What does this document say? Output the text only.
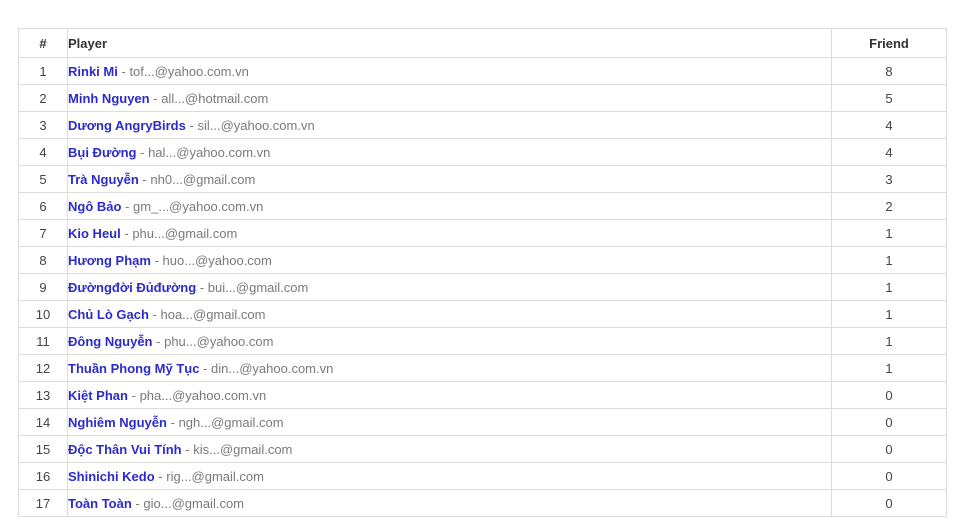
#	Player	Friend
1	Rinki Mi - tof...@yahoo.com.vn	8
2	Minh Nguyen - all...@hotmail.com	5
3	Dương AngryBirds - sil...@yahoo.com.vn	4
4	Bụi Đường - hal...@yahoo.com.vn	4
5	Trà Nguyễn - nh0...@gmail.com	3
6	Ngô Bảo - gm_...@yahoo.com.vn	2
7	Kio Heul - phu...@gmail.com	1
8	Hương Phạm - huo...@yahoo.com	1
9	Đườngđời Đủđường - bui...@gmail.com	1
10	Chủ Lò Gạch - hoa...@gmail.com	1
11	Đông Nguyễn - phu...@yahoo.com	1
12	Thuần Phong Mỹ Tục - din...@yahoo.com.vn	1
13	Kiệt Phan - pha...@yahoo.com.vn	0
14	Nghiêm Nguyễn - ngh...@gmail.com	0
15	Độc Thân Vui Tính - kis...@gmail.com	0
16	Shinichi Kedo - rig...@gmail.com	0
17	Toàn Toàn - gio...@gmail.com	0
